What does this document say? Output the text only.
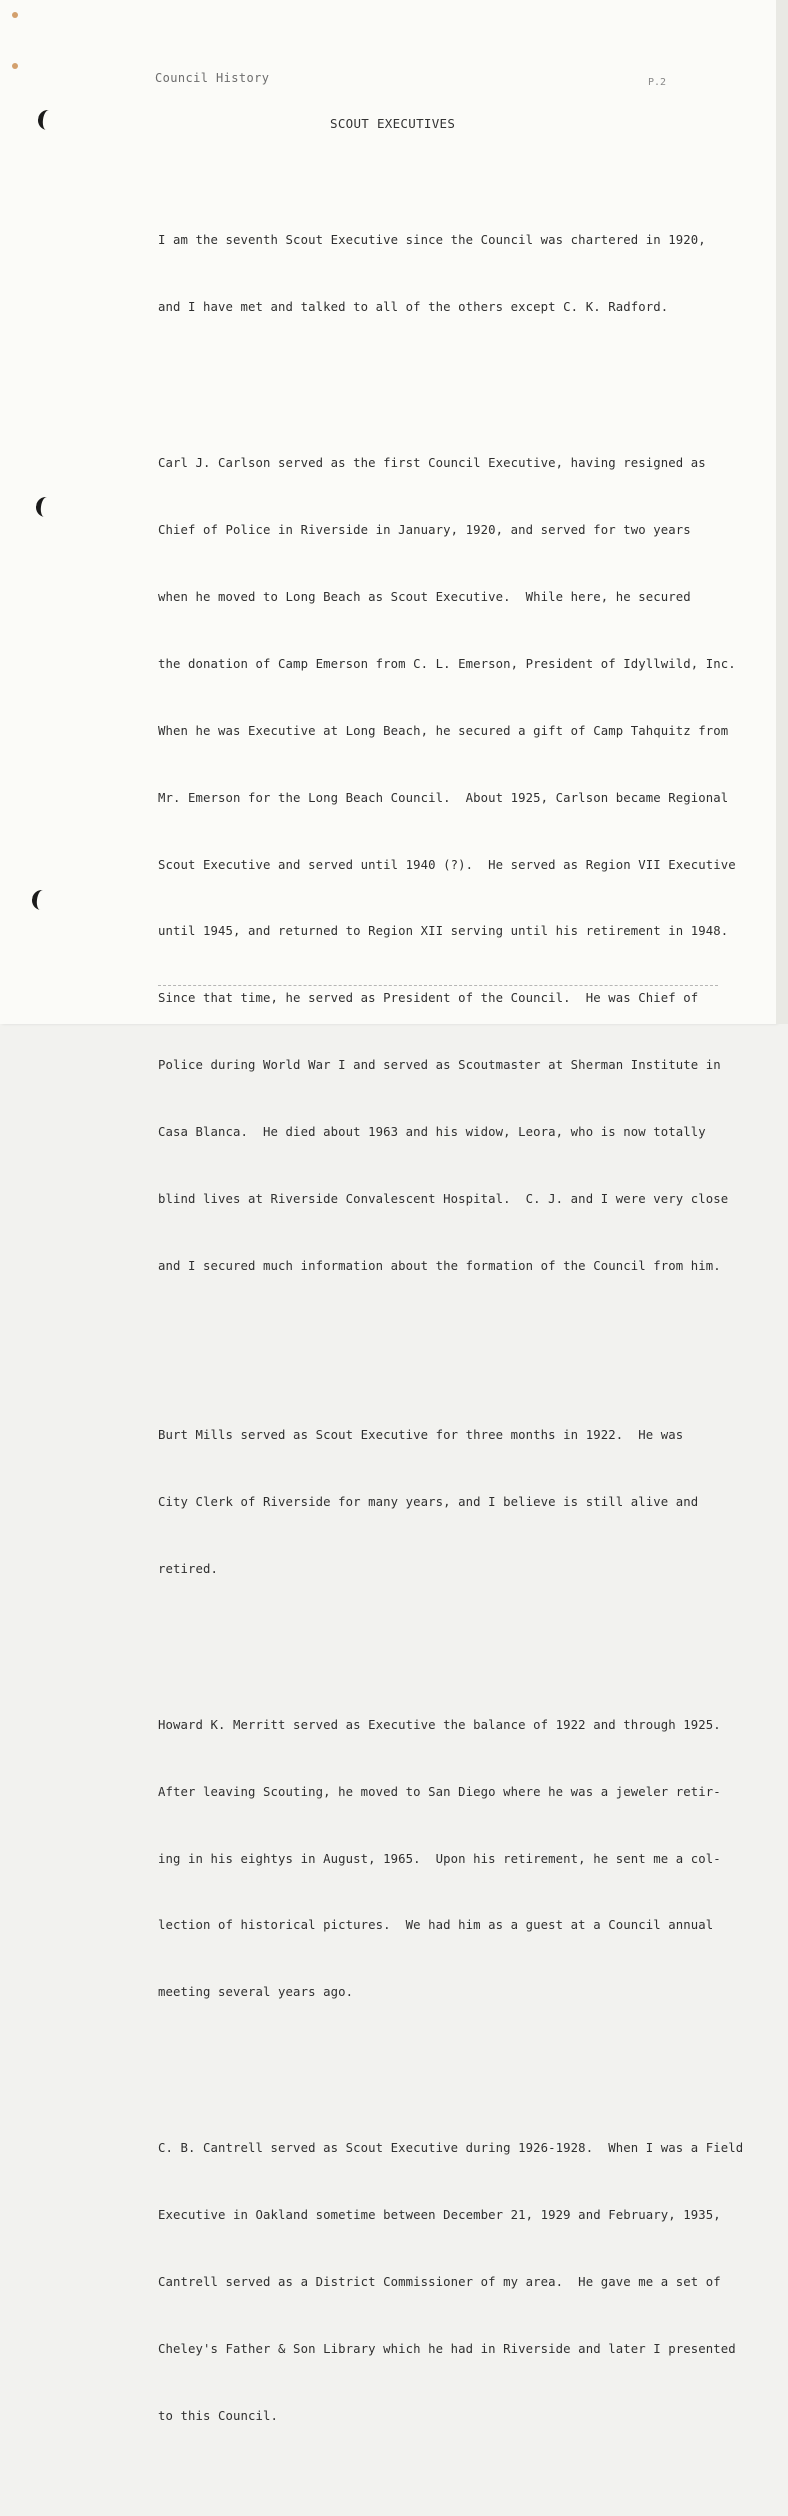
Council History	P.2
SCOUT EXECUTIVES

I am the seventh Scout Executive since the Council was chartered in 1920,

and I have met and talked to all of the others except C. K. Radford.

Carl J. Carlson served as the first Council Executive, having resigned as

Chief of Police in Riverside in January, 1920, and served for two years

when he moved to Long Beach as Scout Executive.  While here, he secured

the donation of Camp Emerson from C. L. Emerson, President of Idyllwild, Inc.

When he was Executive at Long Beach, he secured a gift of Camp Tahquitz from

Mr. Emerson for the Long Beach Council.  About 1925, Carlson became Regional

Scout Executive and served until 1940 (?).  He served as Region VII Executive

until 1945, and returned to Region XII serving until his retirement in 1948.

Since that time, he served as President of the Council.  He was Chief of

Police during World War I and served as Scoutmaster at Sherman Institute in

Casa Blanca.  He died about 1963 and his widow, Leora, who is now totally

blind lives at Riverside Convalescent Hospital.  C. J. and I were very close

and I secured much information about the formation of the Council from him.

Burt Mills served as Scout Executive for three months in 1922.  He was

City Clerk of Riverside for many years, and I believe is still alive and

retired.

Howard K. Merritt served as Executive the balance of 1922 and through 1925.

After leaving Scouting, he moved to San Diego where he was a jeweler retir-

ing in his eightys in August, 1965.  Upon his retirement, he sent me a col-

lection of historical pictures.  We had him as a guest at a Council annual

meeting several years ago.

C. B. Cantrell served as Scout Executive during 1926-1928.  When I was a Field

Executive in Oakland sometime between December 21, 1929 and February, 1935,

Cantrell served as a District Commissioner of my area.  He gave me a set of

Cheley's Father & Son Library which he had in Riverside and later I presented

to this Council.
